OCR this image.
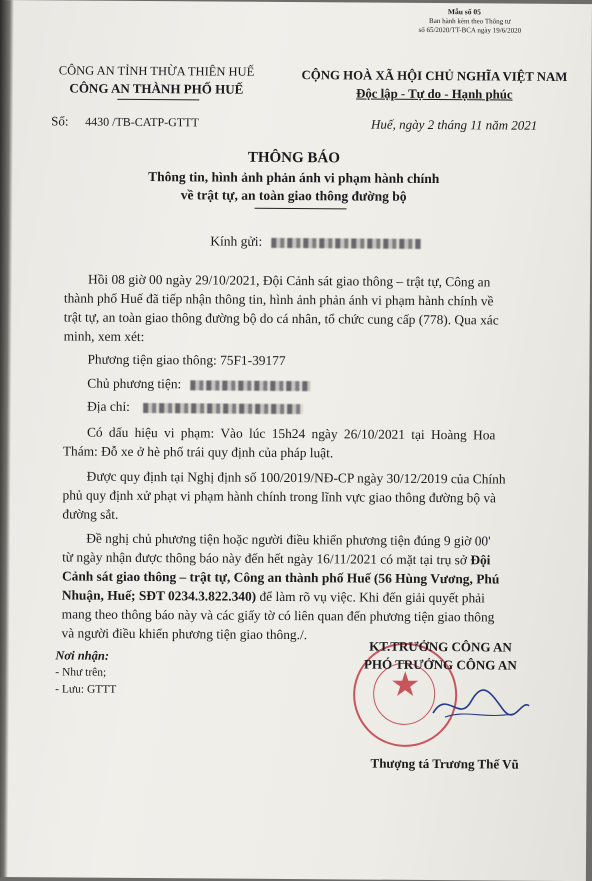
Mẫu số 05
Ban hành kèm theo Thông tư
số 65/2020/TT-BCA ngày 19/6/2020
CÔNG AN TỈNH THỪA THIÊN HUẾ
CÔNG AN THÀNH PHỐ HUẾ
Số: 4430 /TB-CATP-GTTT
CỘNG HOÀ XÃ HỘI CHỦ NGHĨA VIỆT NAM
Độc lập - Tự do - Hạnh phúc
Huế, ngày 2 tháng 11 năm 2021
THÔNG BÁO
Thông tin, hình ảnh phản ánh vi phạm hành chính
về trật tự, an toàn giao thông đường bộ
Kính gửi:
Hồi 08 giờ 00 ngày 29/10/2021, Đội Cảnh sát giao thông – trật tự, Công an
thành phố Huế đã tiếp nhận thông tin, hình ảnh phản ánh vi phạm hành chính về
trật tự, an toàn giao thông đường bộ do cá nhân, tổ chức cung cấp (778). Qua xác
minh, xem xét:
Phương tiện giao thông: 75F1-39177
Chủ phương tiện:
Địa chỉ:
Có dấu hiệu vi phạm: Vào lúc 15h24 ngày 26/10/2021 tại Hoàng Hoa
Thám: Đỗ xe ở hè phố trái quy định của pháp luật.
Được quy định tại Nghị định số 100/2019/NĐ-CP ngày 30/12/2019 của Chính
phủ quy định xử phạt vi phạm hành chính trong lĩnh vực giao thông đường bộ và
đường sắt.
Đề nghị chủ phương tiện hoặc người điều khiển phương tiện đúng 9 giờ 00'
từ ngày nhận được thông báo này đến hết ngày 16/11/2021 có mặt tại trụ sở Đội
Cảnh sát giao thông – trật tự, Công an thành phố Huế (56 Hùng Vương, Phú
Nhuận, Huế; SĐT 0234.3.822.340) để làm rõ vụ việc. Khi đến giải quyết phải
mang theo thông báo này và các giấy tờ có liên quan đến phương tiện giao thông
và người điều khiển phương tiện giao thông./.
Nơi nhận:
- Như trên;
- Lưu: GTTT	★
KT.TRƯỞNG CÔNG AN
PHÓ TRƯỞNG CÔNG AN
Thượng tá Trương Thế Vũ
